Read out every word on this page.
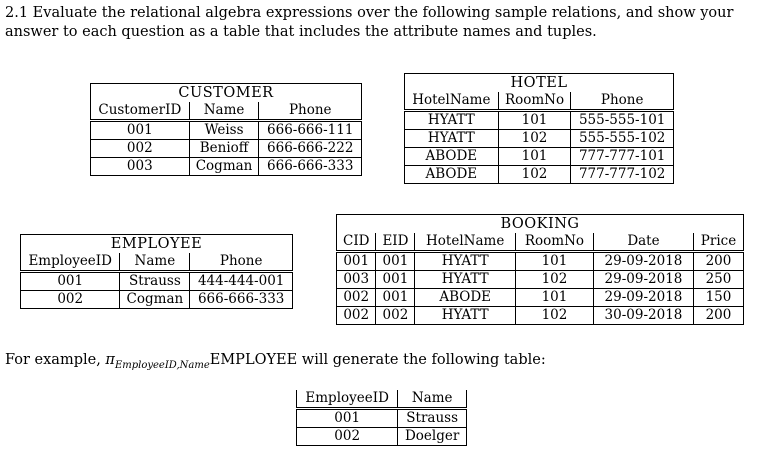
2.1 Evaluate the relational algebra expressions over the following sample relations, and show your answer to each question as a table that includes the attribute names and tuples.

CUSTOMER		
CustomerID	Name	Phone
001	Weiss	666-666-111
002	Benioff	666-666-222
003	Cogman	666-666-333
HOTEL		
HotelName	RoomNo	Phone
HYATT	101	555-555-101
HYATT	102	555-555-102
ABODE	101	777-777-101
ABODE	102	777-777-102
BOOKING					
CID	EID	HotelName	RoomNo	Date	Price
001	001	HYATT	101	29-09-2018	200
003	001	HYATT	102	29-09-2018	250
002	001	ABODE	101	29-09-2018	150
002	002	HYATT	102	30-09-2018	200
EMPLOYEE		
EmployeeID	Name	Phone
001	Strauss	444-444-001
002	Cogman	666-666-333

For example, $\pi_{EmployeeID,Name}EMPLOYEE$ will generate the following table:

EmployeeID	Name
001	Strauss
002	Doelger
